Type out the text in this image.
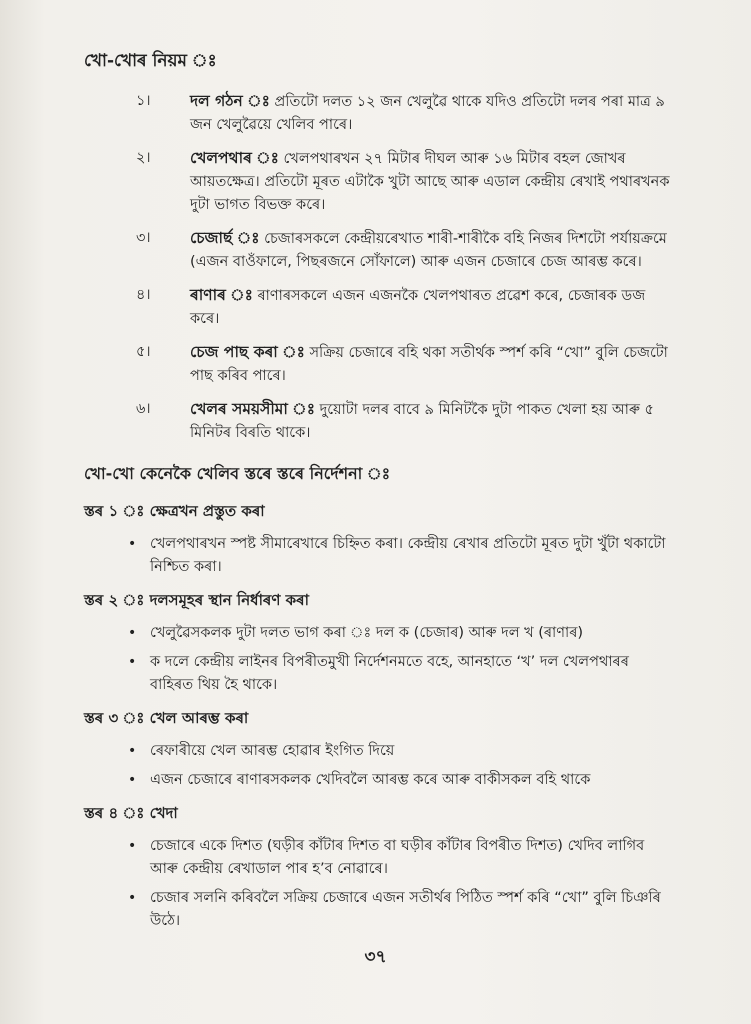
খো-খোৰ নিয়ম ঃ
১।	দল গঠন ঃ প্ৰতিটো দলত ১২ জন খেলুৱৈ থাকে যদিও প্ৰতিটো দলৰ পৰা মাত্ৰ ৯ জন খেলুৱৈয়ে খেলিব পাৰে।
২।	খেলপথাৰ ঃ খেলপথাৰখন ২৭ মিটাৰ দীঘল আৰু ১৬ মিটাৰ বহল জোখৰ আয়তক্ষেত্ৰ। প্ৰতিটো মূৰত এটাকৈ খুটা আছে আৰু এডাল কেন্দ্ৰীয় ৰেখাই পথাৰখনক দুটা ভাগত বিভক্ত কৰে।
৩।	চেজাৰ্ছ ঃ চেজাৰসকলে কেন্দ্ৰীয়ৰেখাত শাৰী-শাৰীকৈ বহি নিজৰ দিশটো পৰ্যায়ক্ৰমে (এজন বাওঁফালে, পিছৰজনে সোঁফালে) আৰু এজন চেজাৰে চেজ আৰম্ভ কৰে।
৪।	ৰাণাৰ ঃ ৰাণাৰসকলে এজন এজনকৈ খেলপথাৰত প্ৰৱেশ কৰে, চেজাৰক ডজ কৰে।
৫।	চেজ পাছ কৰা ঃ সক্ৰিয় চেজাৰে বহি থকা সতীৰ্থক স্পৰ্শ কৰি “খো” বুলি চেজটো পাছ কৰিব পাৰে।
৬।	খেলৰ সময়সীমা ঃ দুয়োটা দলৰ বাবে ৯ মিনিটকৈ দুটা পাকত খেলা হয় আৰু ৫ মিনিটৰ বিৰতি থাকে।
খো-খো কেনেকৈ খেলিব স্তৰে স্তৰে নিৰ্দেশনা ঃ
স্তৰ ১ ঃ ক্ষেত্ৰখন প্ৰস্তুত কৰা
• খেলপথাৰখন স্পষ্ট সীমাৰেখাৰে চিহ্নিত কৰা। কেন্দ্ৰীয় ৰেখাৰ প্ৰতিটো মূৰত দুটা খুঁটা থকাটো নিশ্চিত কৰা।
স্তৰ ২ ঃ দলসমূহৰ স্থান নিৰ্ধাৰণ কৰা
• খেলুৱৈসকলক দুটা দলত ভাগ কৰা ঃ দল ক (চেজাৰ) আৰু দল খ (ৰাণাৰ)
• ক দলে কেন্দ্ৰীয় লাইনৰ বিপৰীতমুখী নিৰ্দেশনমতে বহে, আনহাতে ‘খ’ দল খেলপথাৰৰ বাহিৰত থিয় হৈ থাকে।
স্তৰ ৩ ঃ খেল আৰম্ভ কৰা
• ৰেফাৰীয়ে খেল আৰম্ভ হোৱাৰ ইংগিত দিয়ে
• এজন চেজাৰে ৰাণাৰসকলক খেদিবলৈ আৰম্ভ কৰে আৰু বাকীসকল বহি থাকে
স্তৰ ৪ ঃ খেদা
• চেজাৰে একে দিশত (ঘড়ীৰ কাঁটাৰ দিশত বা ঘড়ীৰ কাঁটাৰ বিপৰীত দিশত) খেদিব লাগিব আৰু কেন্দ্ৰীয় ৰেখাডাল পাৰ হ’ব নোৱাৰে।
• চেজাৰ সলনি কৰিবলৈ সক্ৰিয় চেজাৰে এজন সতীৰ্থৰ পিঠিত স্পৰ্শ কৰি “খো” বুলি চিঞৰি উঠে।
৩৭
